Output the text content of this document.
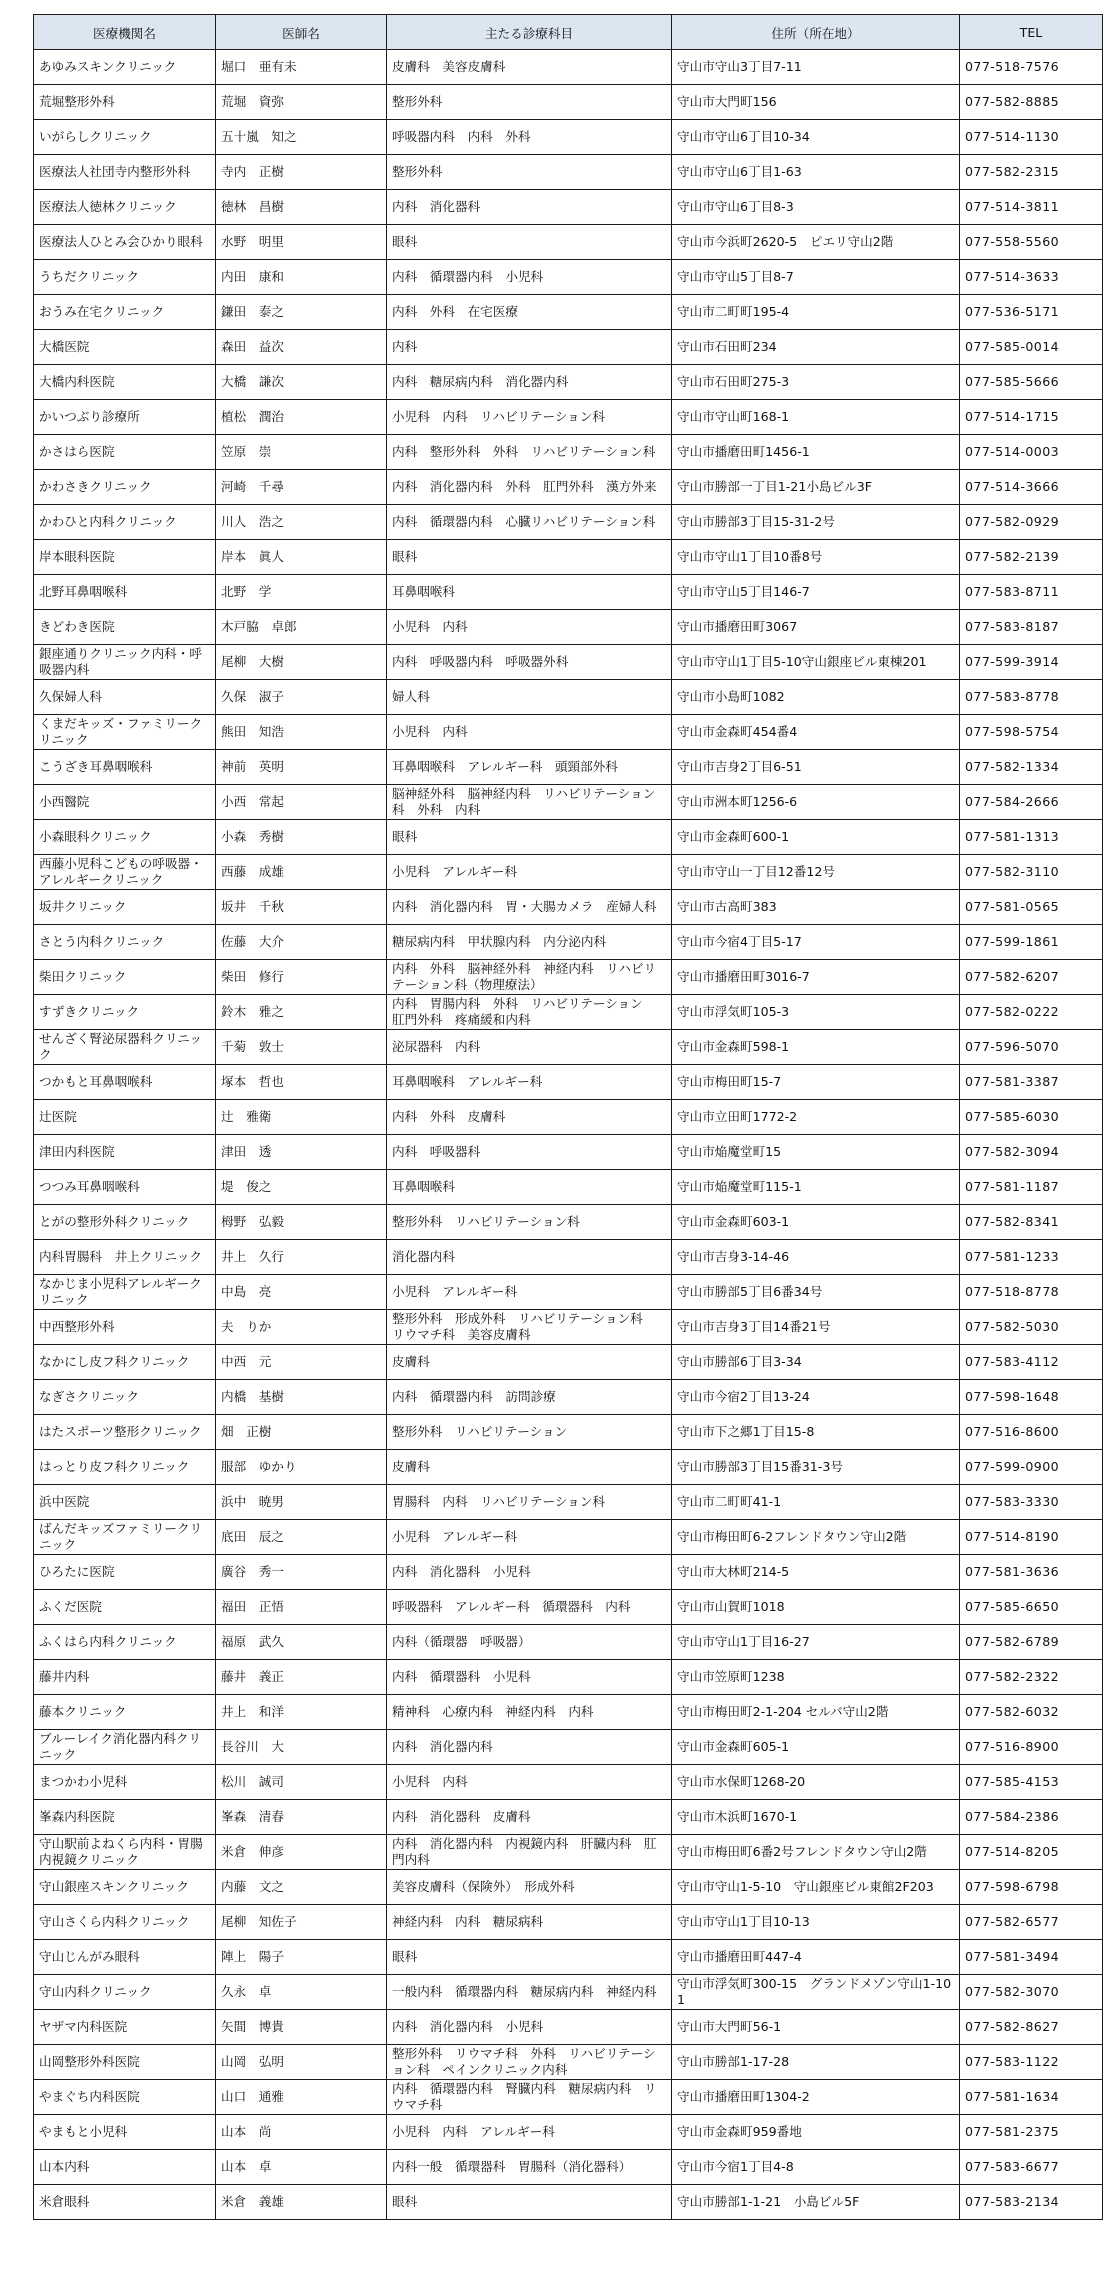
医療機関名	医師名	主たる診療科目	住所（所在地）	TEL
あゆみスキンクリニック	堀口　亜有未	皮膚科　美容皮膚科	守山市守山3丁目7-11	077-518-7576
荒堀整形外科	荒堀　資弥	整形外科	守山市大門町156	077-582-8885
いがらしクリニック	五十嵐　知之	呼吸器内科　内科　外科	守山市守山6丁目10-34	077-514-1130
医療法人社団寺内整形外科	寺内　正樹	整形外科	守山市守山6丁目1-63	077-582-2315
医療法人徳林クリニック	徳林　昌樹	内科　消化器科	守山市守山6丁目8-3	077-514-3811
医療法人ひとみ会ひかり眼科	水野　明里	眼科	守山市今浜町2620-5　ピエリ守山2階	077-558-5560
うちだクリニック	内田　康和	内科　循環器内科　小児科	守山市守山5丁目8-7	077-514-3633
おうみ在宅クリニック	鎌田　泰之	内科　外科　在宅医療	守山市二町町195-4	077-536-5171
大橋医院	森田　益次	内科	守山市石田町234	077-585-0014
大橋内科医院	大橋　謙次	内科　糖尿病内科　消化器内科	守山市石田町275-3	077-585-5666
かいつぶり診療所	植松　潤治	小児科　内科　リハビリテーション科	守山市守山町168-1	077-514-1715
かさはら医院	笠原　崇	内科　整形外科　外科　リハビリテーション科	守山市播磨田町1456-1	077-514-0003
かわさきクリニック	河崎　千尋	内科　消化器内科　外科　肛門外科　漢方外来	守山市勝部一丁目1-21小島ビル3F	077-514-3666
かわひと内科クリニック	川人　浩之	内科　循環器内科　心臓リハビリテーション科	守山市勝部3丁目15-31-2号	077-582-0929
岸本眼科医院	岸本　眞人	眼科	守山市守山1丁目10番8号	077-582-2139
北野耳鼻咽喉科	北野　学	耳鼻咽喉科	守山市守山5丁目146-7	077-583-8711
きどわき医院	木戸脇　卓郎	小児科　内科	守山市播磨田町3067	077-583-8187
銀座通りクリニック内科・呼吸器内科	尾柳　大樹	内科　呼吸器内科　呼吸器外科	守山市守山1丁目5-10守山銀座ビル東棟201	077-599-3914
久保婦人科	久保　淑子	婦人科	守山市小島町1082	077-583-8778
くまだキッズ・ファミリークリニック	熊田　知浩	小児科　内科	守山市金森町454番4	077-598-5754
こうざき耳鼻咽喉科	神前　英明	耳鼻咽喉科　アレルギー科　頭頸部外科	守山市吉身2丁目6-51	077-582-1334
小西醫院	小西　常起	脳神経外科　脳神経内科　リハビリテーション科　外科　内科	守山市洲本町1256-6	077-584-2666
小森眼科クリニック	小森　秀樹	眼科	守山市金森町600-1	077-581-1313
西藤小児科こどもの呼吸器・アレルギークリニック	西藤　成雄	小児科　アレルギー科	守山市守山一丁目12番12号	077-582-3110
坂井クリニック	坂井　千秋	内科　消化器内科　胃・大腸カメラ　産婦人科	守山市古高町383	077-581-0565
さとう内科クリニック	佐藤　大介	糖尿病内科　甲状腺内科　内分泌内科	守山市今宿4丁目5-17	077-599-1861
柴田クリニック	柴田　修行	内科　外科　脳神経外科　神経内科　リハビリテーション科（物理療法）	守山市播磨田町3016-7	077-582-6207
すずきクリニック	鈴木　雅之	内科　胃腸内科　外科　リハビリテーション　肛門外科　疼痛緩和内科	守山市浮気町105-3	077-582-0222
せんざく腎泌尿器科クリニック	千菊　敦士	泌尿器科　内科	守山市金森町598-1	077-596-5070
つかもと耳鼻咽喉科	塚本　哲也	耳鼻咽喉科　アレルギー科	守山市梅田町15-7	077-581-3387
辻医院	辻　雅衛	内科　外科　皮膚科	守山市立田町1772-2	077-585-6030
津田内科医院	津田　透	内科　呼吸器科	守山市焔魔堂町15	077-582-3094
つつみ耳鼻咽喉科	堤　俊之	耳鼻咽喉科	守山市焔魔堂町115-1	077-581-1187
とがの整形外科クリニック	栂野　弘毅	整形外科　リハビリテーション科	守山市金森町603-1	077-582-8341
内科胃腸科　井上クリニック	井上　久行	消化器内科	守山市吉身3-14-46	077-581-1233
なかじま小児科アレルギークリニック	中島　亮	小児科　アレルギー科	守山市勝部5丁目6番34号	077-518-8778
中西整形外科	夫　りか	整形外科　形成外科　リハビリテーション科　リウマチ科　美容皮膚科	守山市吉身3丁目14番21号	077-582-5030
なかにし皮フ科クリニック	中西　元	皮膚科	守山市勝部6丁目3-34	077-583-4112
なぎさクリニック	内橋　基樹	内科　循環器内科　訪問診療	守山市今宿2丁目13-24	077-598-1648
はたスポーツ整形クリニック	畑　正樹	整形外科　リハビリテーション	守山市下之郷1丁目15-8	077-516-8600
はっとり皮フ科クリニック	服部　ゆかり	皮膚科	守山市勝部3丁目15番31-3号	077-599-0900
浜中医院	浜中　暁男	胃腸科　内科　リハビリテーション科	守山市二町町41-1	077-583-3330
ばんだキッズファミリークリニック	底田　辰之	小児科　アレルギー科	守山市梅田町6-2フレンドタウン守山2階	077-514-8190
ひろたに医院	廣谷　秀一	内科　消化器科　小児科	守山市大林町214-5	077-581-3636
ふくだ医院	福田　正悟	呼吸器科　アレルギー科　循環器科　内科	守山市山賀町1018	077-585-6650
ふくはら内科クリニック	福原　武久	内科（循環器　呼吸器）	守山市守山1丁目16-27	077-582-6789
藤井内科	藤井　義正	内科　循環器科　小児科	守山市笠原町1238	077-582-2322
藤本クリニック	井上　和洋	精神科　心療内科　神経内科　内科	守山市梅田町2-1-204 セルバ守山2階	077-582-6032
ブルーレイク消化器内科クリニック	長谷川　大	内科　消化器内科	守山市金森町605-1	077-516-8900
まつかわ小児科	松川　誠司	小児科　内科	守山市水保町1268-20	077-585-4153
峯森内科医院	峯森　清春	内科　消化器科　皮膚科	守山市木浜町1670-1	077-584-2386
守山駅前よねくら内科・胃腸内視鏡クリニック	米倉　伸彦	内科　消化器内科　内視鏡内科　肝臓内科　肛門内科	守山市梅田町6番2号フレンドタウン守山2階	077-514-8205
守山銀座スキンクリニック	内藤　文之	美容皮膚科（保険外）　形成外科	守山市守山1-5-10　守山銀座ビル東館2F203	077-598-6798
守山さくら内科クリニック	尾柳　知佐子	神経内科　内科　糖尿病科	守山市守山1丁目10-13	077-582-6577
守山じんがみ眼科	陣上　陽子	眼科	守山市播磨田町447-4	077-581-3494
守山内科クリニック	久永　卓	一般内科　循環器内科　糖尿病内科　神経内科	守山市浮気町300-15　グランドメゾン守山1-101	077-582-3070
ヤザマ内科医院	矢間　博貴	内科　消化器内科　小児科	守山市大門町56-1	077-582-8627
山岡整形外科医院	山岡　弘明	整形外科　リウマチ科　外科　リハビリテーション科　ペインクリニック内科	守山市勝部1-17-28	077-583-1122
やまぐち内科医院	山口　通雅	内科　循環器内科　腎臓内科　糖尿病内科　リウマチ科	守山市播磨田町1304-2	077-581-1634
やまもと小児科	山本　尚	小児科　内科　アレルギー科	守山市金森町959番地	077-581-2375
山本内科	山本　卓	内科一般　循環器科　胃腸科（消化器科）	守山市今宿1丁目4-8	077-583-6677
米倉眼科	米倉　義雄	眼科	守山市勝部1-1-21　小島ビル5F	077-583-2134
